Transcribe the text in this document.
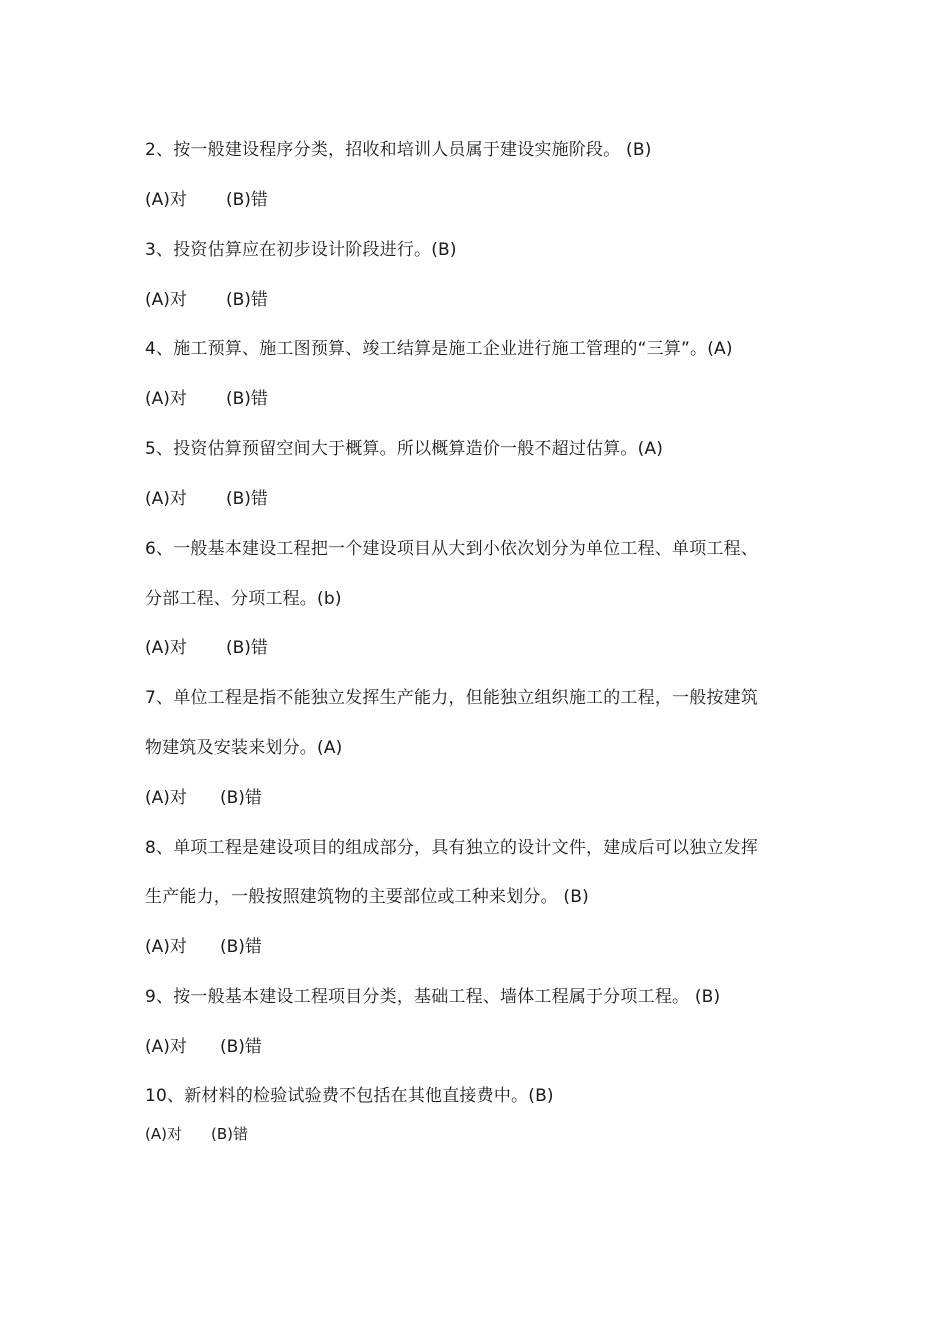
2、按一般建设程序分类，招收和培训人员属于建设实施阶段。 (B)
(A)对 (B)错
3、投资估算应在初步设计阶段进行。(B)
(A)对 (B)错
4、施工预算、施工图预算、竣工结算是施工企业进行施工管理的“三算”。(A)
(A)对 (B)错
5、投资估算预留空间大于概算。所以概算造价一般不超过估算。(A)
(A)对 (B)错
6、一般基本建设工程把一个建设项目从大到小依次划分为单位工程、单项工程、
分部工程、分项工程。(b)
(A)对 (B)错
7、单位工程是指不能独立发挥生产能力，但能独立组织施工的工程，一般按建筑
物建筑及安装来划分。(A)
(A)对 (B)错
8、单项工程是建设项目的组成部分，具有独立的设计文件，建成后可以独立发挥
生产能力，一般按照建筑物的主要部位或工种来划分。 (B)
(A)对 (B)错
9、按一般基本建设工程项目分类，基础工程、墙体工程属于分项工程。 (B)
(A)对 (B)错
10、新材料的检验试验费不包括在其他直接费中。(B)
(A)对 (B)错
